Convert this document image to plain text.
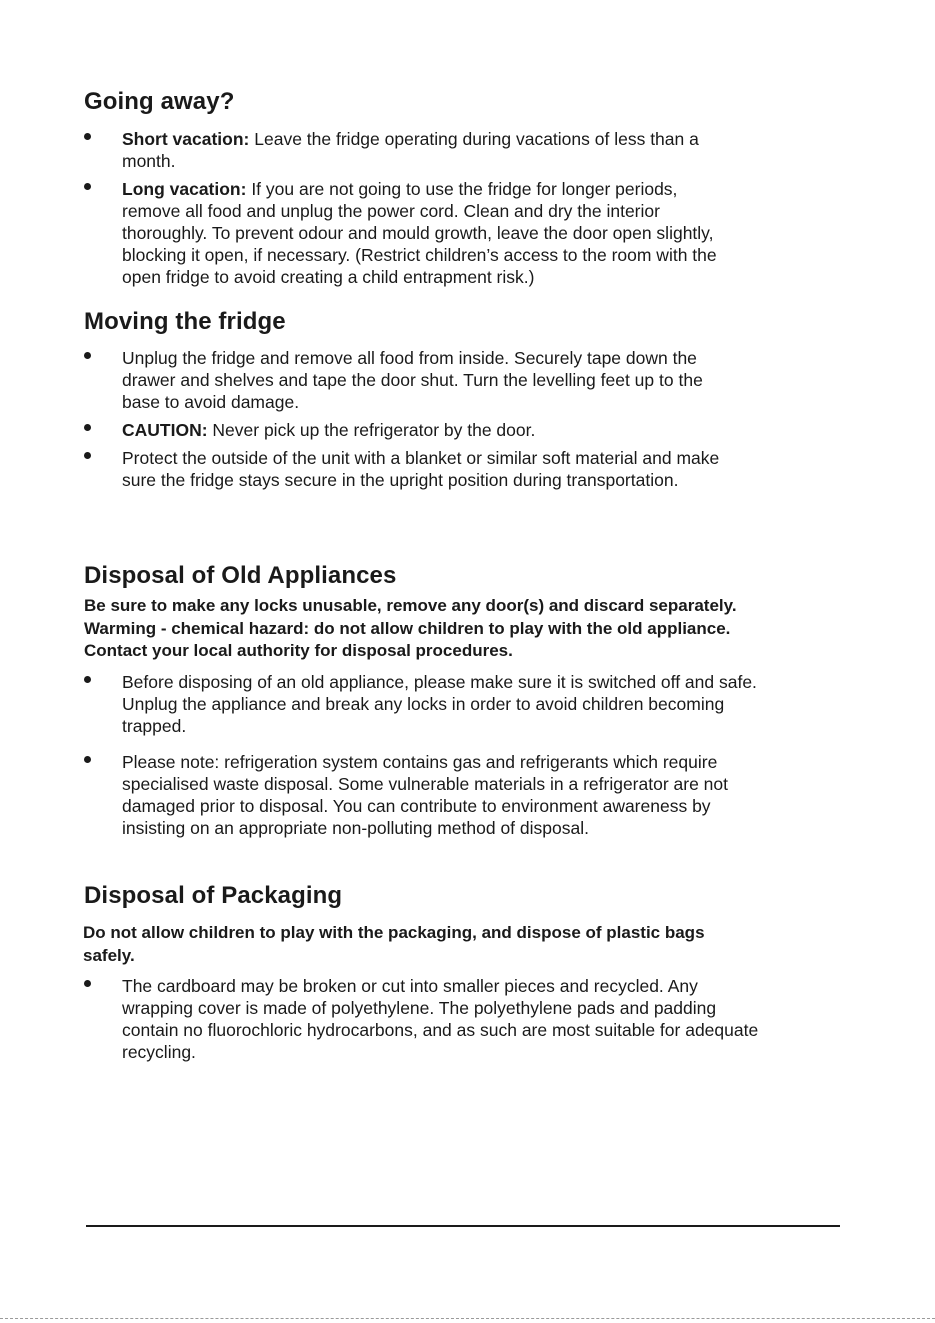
Going away?
Short vacation: Leave the fridge operating during vacations of less than a
month.
Long vacation: If you are not going to use the fridge for longer periods,
remove all food and unplug the power cord. Clean and dry the interior
thoroughly. To prevent odour and mould growth, leave the door open slightly,
blocking it open, if necessary. (Restrict children’s access to the room with the
open fridge to avoid creating a child entrapment risk.)
Moving the fridge
Unplug the fridge and remove all food from inside. Securely tape down the
drawer and shelves and tape the door shut. Turn the levelling feet up to the
base to avoid damage.
CAUTION: Never pick up the refrigerator by the door.
Protect the outside of the unit with a blanket or similar soft material and make
sure the fridge stays secure in the upright position during transportation.
Disposal of Old Appliances
Be sure to make any locks unusable, remove any door(s) and discard separately.
Warming - chemical hazard: do not allow children to play with the old appliance.
Contact your local authority for disposal procedures.
Before disposing of an old appliance, please make sure it is switched off and safe.
Unplug the appliance and break any locks in order to avoid children becoming
trapped.
Please note: refrigeration system contains gas and refrigerants which require
specialised waste disposal. Some vulnerable materials in a refrigerator are not
damaged prior to disposal. You can contribute to environment awareness by
insisting on an appropriate non-polluting method of disposal.
Disposal of Packaging
Do not allow children to play with the packaging, and dispose of plastic bags
safely.
The cardboard may be broken or cut into smaller pieces and recycled. Any
wrapping cover is made of polyethylene. The polyethylene pads and padding
contain no fluorochloric hydrocarbons, and as such are most suitable for adequate
recycling.
